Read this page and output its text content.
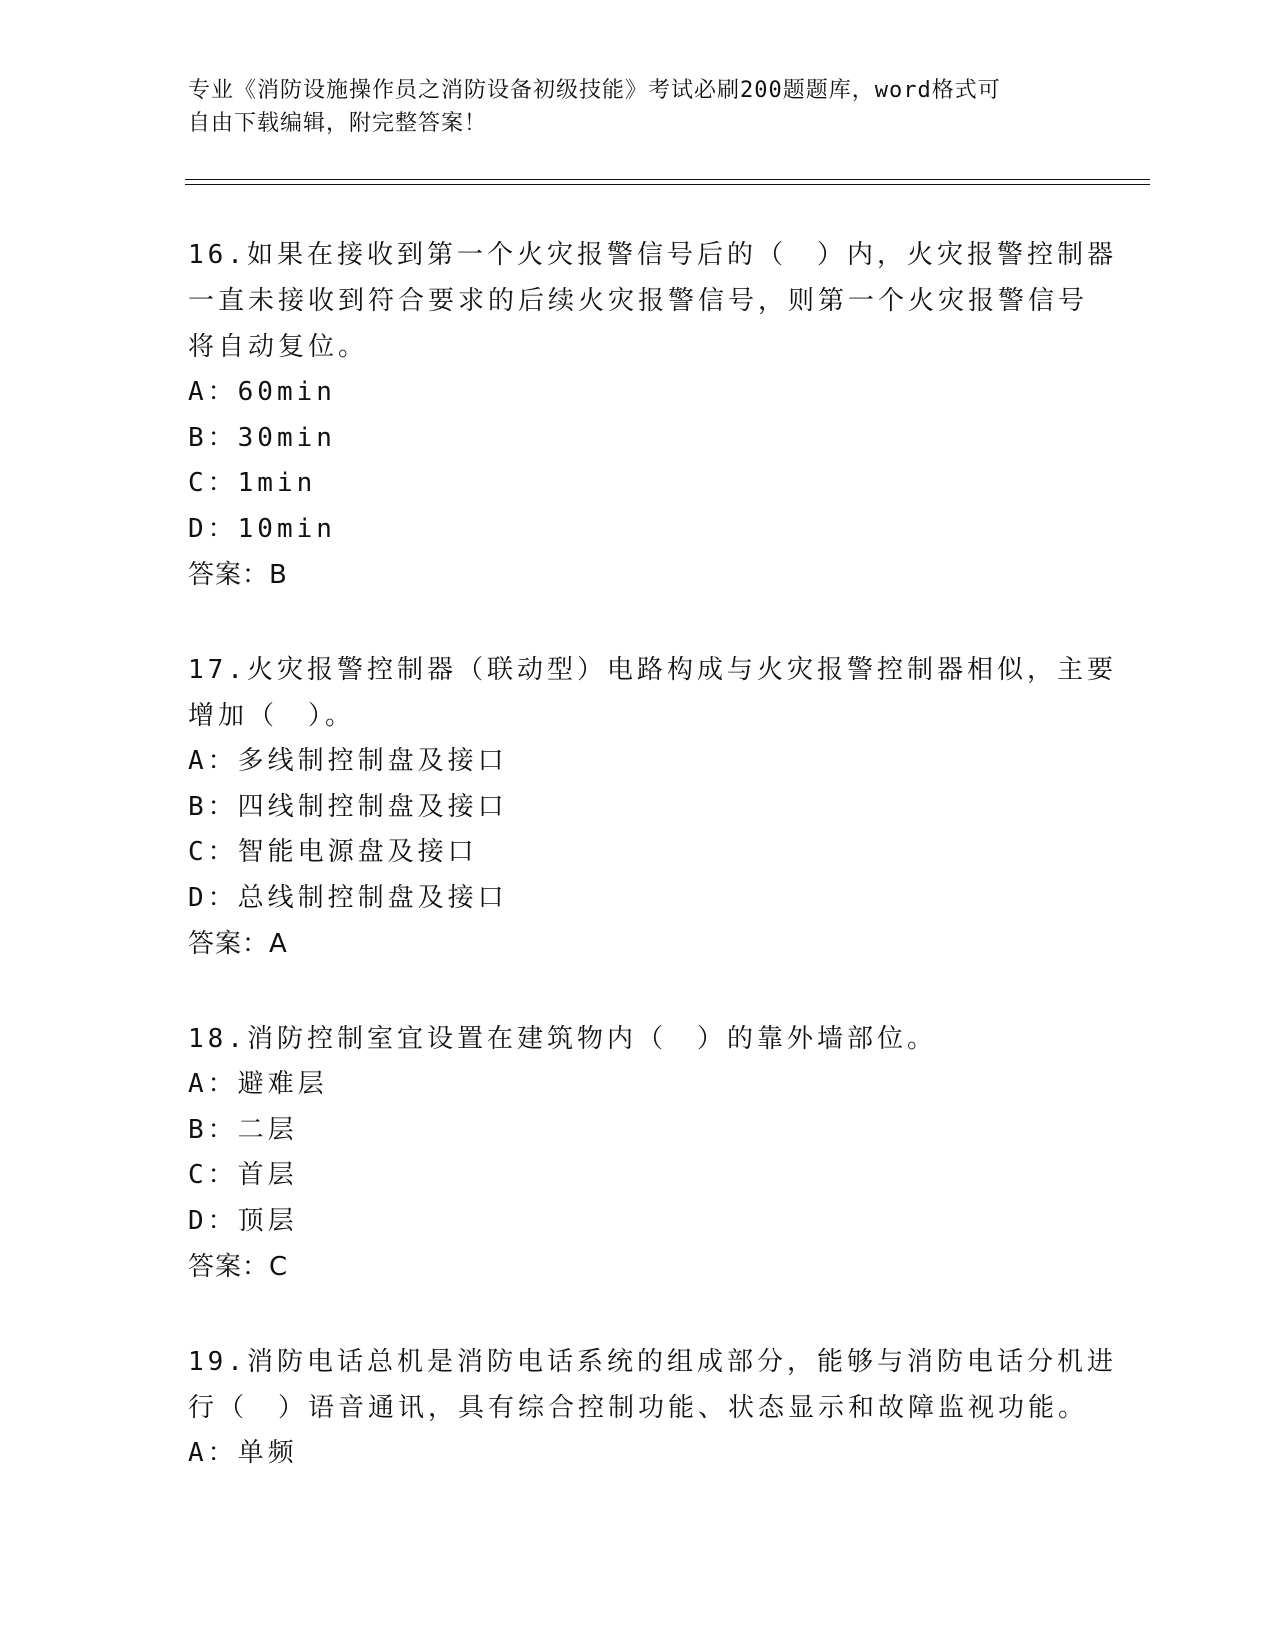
专业《消防设施操作员之消防设备初级技能》考试必刷200题题库，word格式可
自由下载编辑，附完整答案！
16.如果在接收到第一个火灾报警信号后的（　）内，火灾报警控制器
一直未接收到符合要求的后续火灾报警信号，则第一个火灾报警信号
将自动复位。
A：60min
B：30min
C：1min
D：10min
答案：B
17.火灾报警控制器（联动型）电路构成与火灾报警控制器相似，主要
增加（　）。
A：多线制控制盘及接口
B：四线制控制盘及接口
C：智能电源盘及接口
D：总线制控制盘及接口
答案：A
18.消防控制室宜设置在建筑物内（　）的靠外墙部位。
A：避难层
B：二层
C：首层
D：顶层
答案：C
19.消防电话总机是消防电话系统的组成部分，能够与消防电话分机进
行（　）语音通讯，具有综合控制功能、状态显示和故障监视功能。
A：单频
